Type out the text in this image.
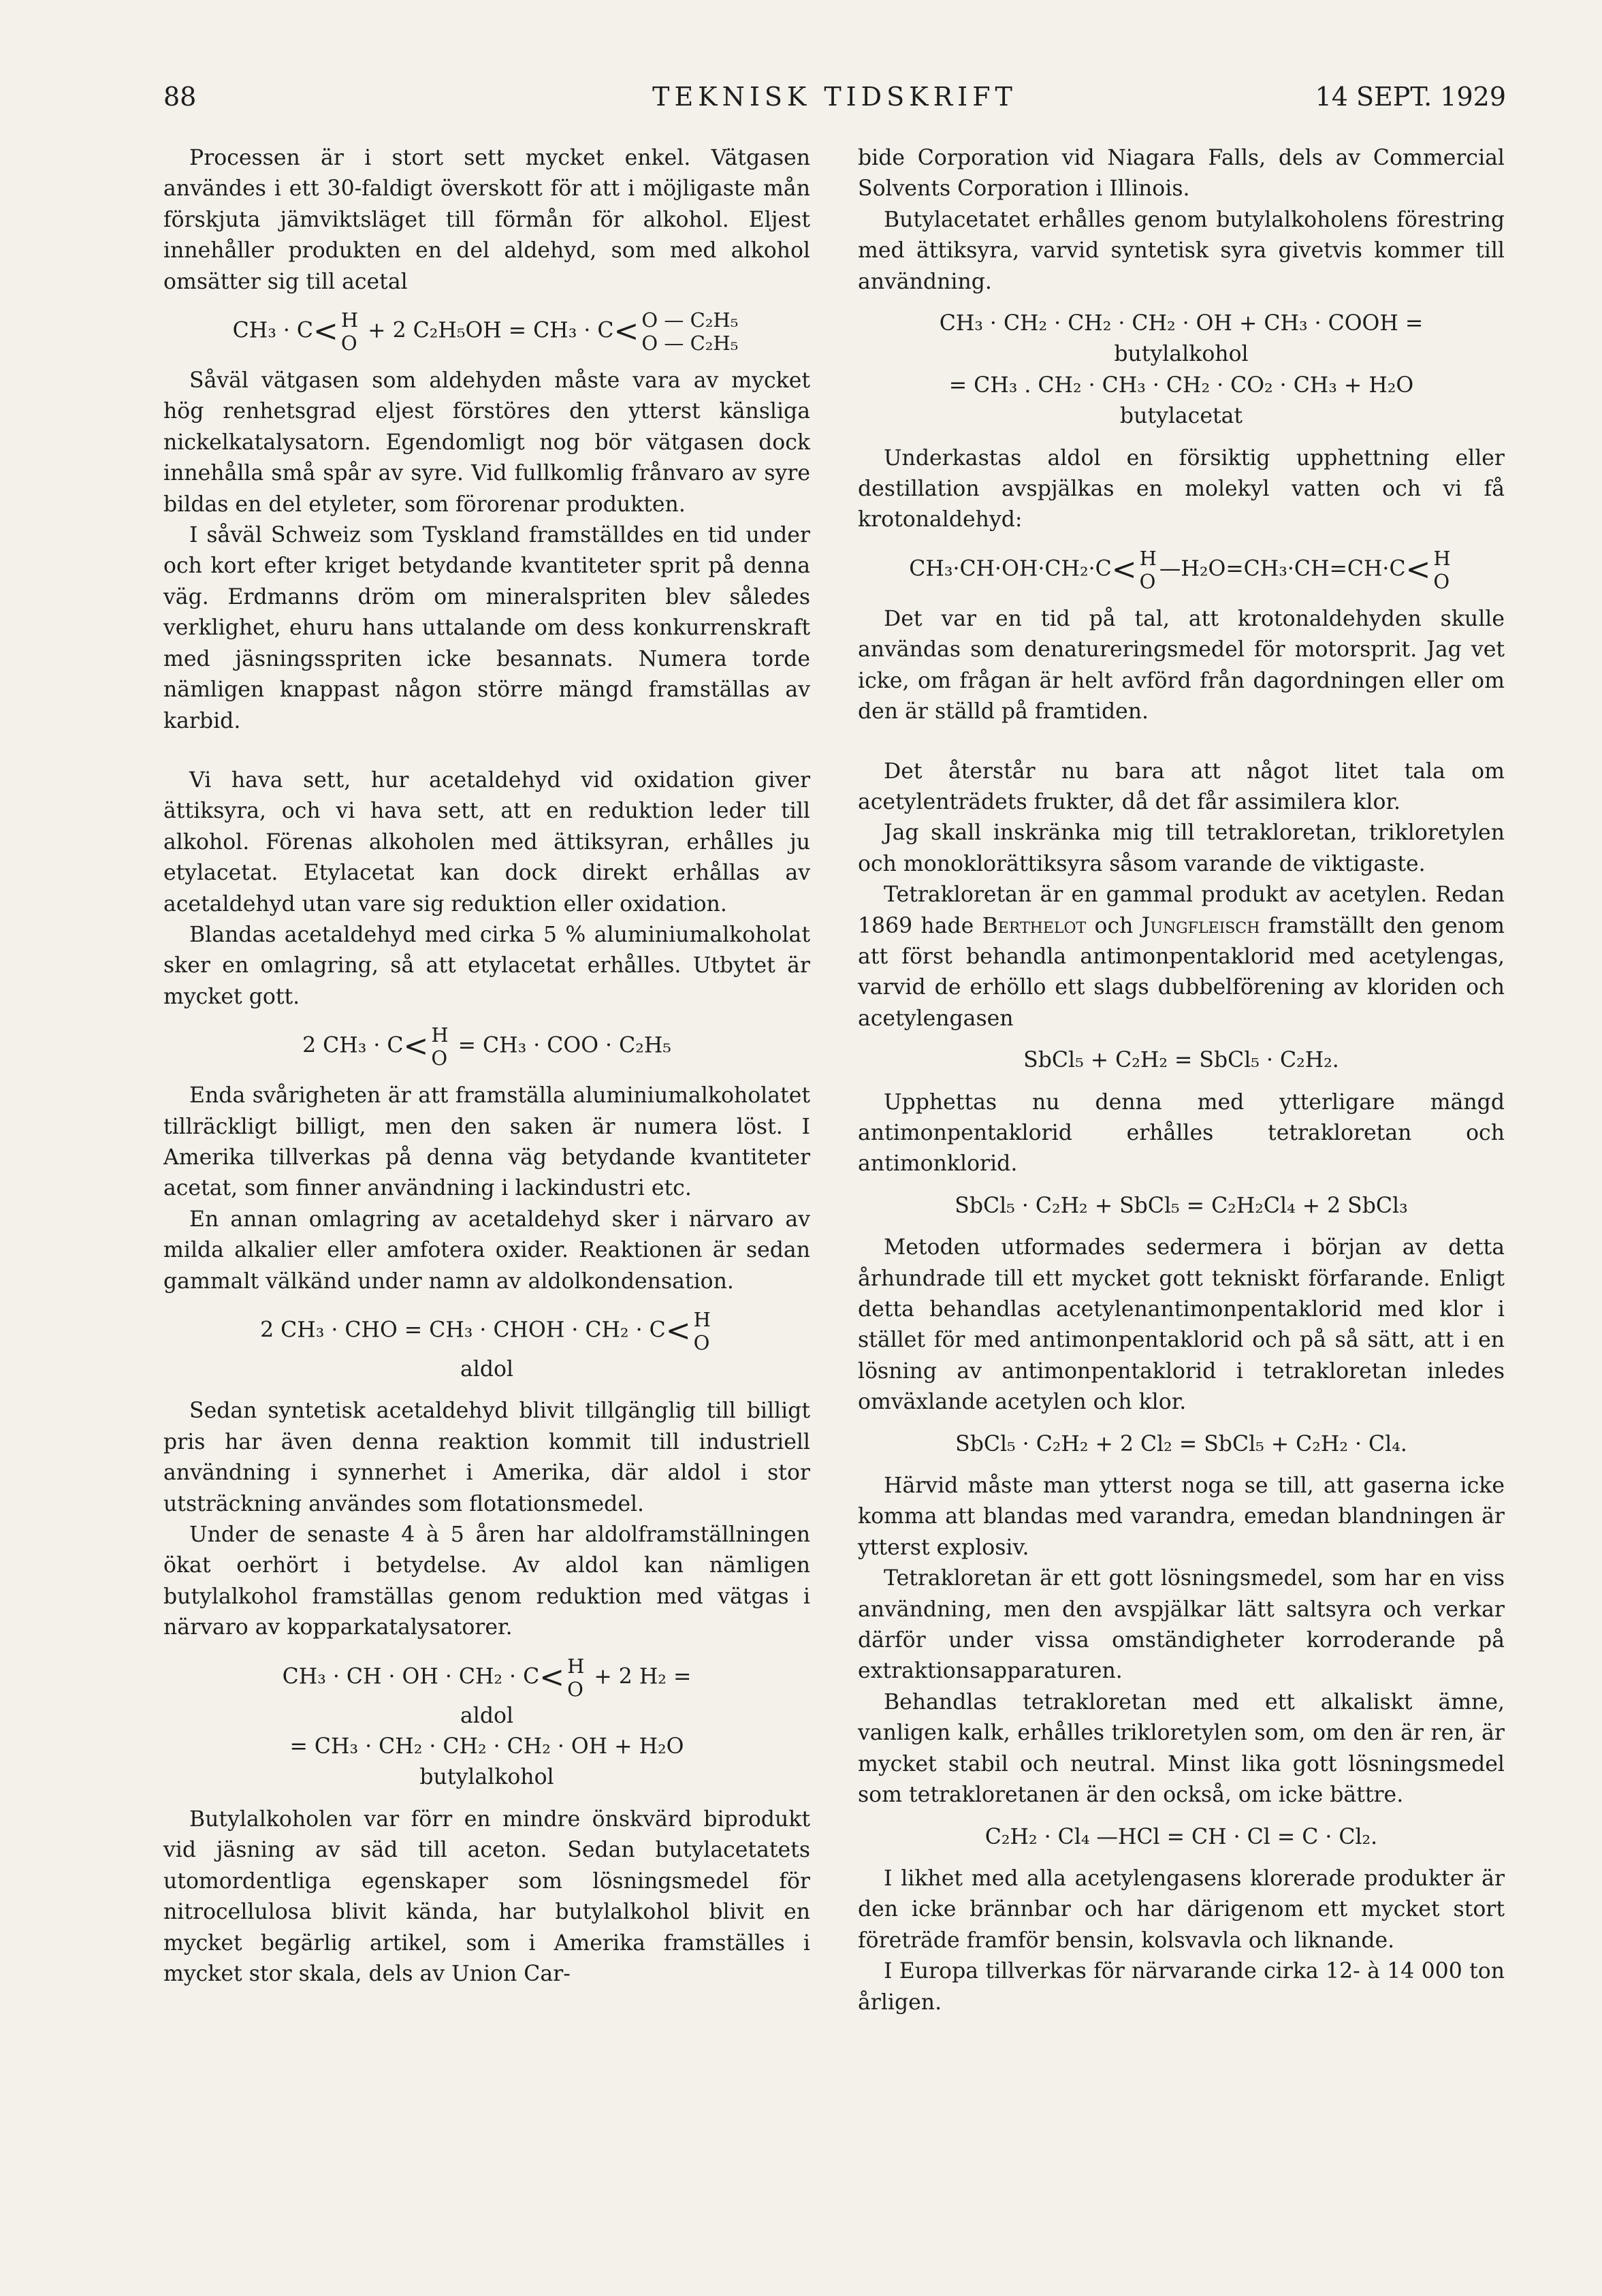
TEKNISK TIDSKRIFT
88	14 SEPT. 1929

Processen är i stort sett mycket enkel. Vätgasen användes i ett 30-faldigt överskott för att i möjligaste mån förskjuta jämviktsläget till förmån för alkohol. Eljest innehåller produkten en del aldehyd, som med alkohol omsätter sig till acetal

CH₃ · C< H
O
+ 2 C₂H₅OH = CH₃ · C< O — C₂H₅
O — C₂H₅

Såväl vätgasen som aldehyden måste vara av mycket hög renhetsgrad eljest förstöres den ytterst känsliga nickelkatalysatorn. Egendomligt nog bör vätgasen dock innehålla små spår av syre. Vid fullkomlig frånvaro av syre bildas en del etyleter, som förorenar produkten.

I såväl Schweiz som Tyskland framställdes en tid under och kort efter kriget betydande kvantiteter sprit på denna väg. Erdmanns dröm om mineralspriten blev således verklighet, ehuru hans uttalande om dess konkurrenskraft med jäsningsspriten icke besannats. Numera torde nämligen knappast någon större mängd framställas av karbid.

Vi hava sett, hur acetaldehyd vid oxidation giver ättiksyra, och vi hava sett, att en reduktion leder till alkohol. Förenas alkoholen med ättiksyran, erhålles ju etylacetat. Etylacetat kan dock direkt erhållas av acetaldehyd utan vare sig reduktion eller oxidation.

Blandas acetaldehyd med cirka 5 % aluminiumalkoholat sker en omlagring, så att etylacetat erhålles. Utbytet är mycket gott.

2 CH₃ · C< H
O
= CH₃ · COO · C₂H₅

Enda svårigheten är att framställa aluminiumalkoholatet tillräckligt billigt, men den saken är numera löst. I Amerika tillverkas på denna väg betydande kvantiteter acetat, som finner användning i lackindustri etc.

En annan omlagring av acetaldehyd sker i närvaro av milda alkalier eller amfotera oxider. Reaktionen är sedan gammalt välkänd under namn av aldolkondensation.

2 CH₃ · CHO = CH₃ · CHOH · CH₂ · C< H
O
aldol

Sedan syntetisk acetaldehyd blivit tillgänglig till billigt pris har även denna reaktion kommit till industriell användning i synnerhet i Amerika, där aldol i stor utsträckning användes som flotationsmedel.

Under de senaste 4 à 5 åren har aldolframställningen ökat oerhört i betydelse. Av aldol kan nämligen butylalkohol framställas genom reduktion med vätgas i närvaro av kopparkatalysatorer.

CH₃ · CH · OH · CH₂ · C< H
O
+ 2 H₂ =
aldol
= CH₃ · CH₂ · CH₂ · CH₂ · OH + H₂O
butylalkohol

Butylalkoholen var förr en mindre önskvärd biprodukt vid jäsning av säd till aceton. Sedan butylacetatets utomordentliga egenskaper som lösningsmedel för nitrocellulosa blivit kända, har butylalkohol blivit en mycket begärlig artikel, som i Amerika framställes i mycket stor skala, dels av Union Car-

bide Corporation vid Niagara Falls, dels av Commercial Solvents Corporation i Illinois.

Butylacetatet erhålles genom butylalkoholens förestring med ättiksyra, varvid syntetisk syra givetvis kommer till användning.

CH₃ · CH₂ · CH₂ · CH₂ · OH + CH₃ · COOH =
butylalkohol
= CH₃ . CH₂ · CH₃ · CH₂ · CO₂ · CH₃ + H₂O
butylacetat

Underkastas aldol en försiktig upphettning eller destillation avspjälkas en molekyl vatten och vi få krotonaldehyd:

CH₃·CH·OH·CH₂·C< H
O
—H₂O=CH₃·CH=CH·C< H
O

Det var en tid på tal, att krotonaldehyden skulle användas som denatureringsmedel för motorsprit. Jag vet icke, om frågan är helt avförd från dagordningen eller om den är ställd på framtiden.

Det återstår nu bara att något litet tala om acetylenträdets frukter, då det får assimilera klor.

Jag skall inskränka mig till tetrakloretan, trikloretylen och monoklorättiksyra såsom varande de viktigaste.

Tetrakloretan är en gammal produkt av acetylen. Redan 1869 hade Berthelot och Jungfleisch framställt den genom att först behandla antimonpentaklorid med acetylengas, varvid de erhöllo ett slags dubbelförening av kloriden och acetylengasen

SbCl₅ + C₂H₂ = SbCl₅ · C₂H₂.

Upphettas nu denna med ytterligare mängd antimonpentaklorid erhålles tetrakloretan och antimonklorid.

SbCl₅ · C₂H₂ + SbCl₅ = C₂H₂Cl₄ + 2 SbCl₃

Metoden utformades sedermera i början av detta århundrade till ett mycket gott tekniskt förfarande. Enligt detta behandlas acetylenantimonpentaklorid med klor i stället för med antimonpentaklorid och på så sätt, att i en lösning av antimonpentaklorid i tetrakloretan inledes omväxlande acetylen och klor.

SbCl₅ · C₂H₂ + 2 Cl₂ = SbCl₅ + C₂H₂ · Cl₄.

Härvid måste man ytterst noga se till, att gaserna icke komma att blandas med varandra, emedan blandningen är ytterst explosiv.

Tetrakloretan är ett gott lösningsmedel, som har en viss användning, men den avspjälkar lätt saltsyra och verkar därför under vissa omständigheter korroderande på extraktionsapparaturen.

Behandlas tetrakloretan med ett alkaliskt ämne, vanligen kalk, erhålles trikloretylen som, om den är ren, är mycket stabil och neutral. Minst lika gott lösningsmedel som tetrakloretanen är den också, om icke bättre.

C₂H₂ · Cl₄ —HCl = CH · Cl = C · Cl₂.

I likhet med alla acetylengasens klorerade produkter är den icke brännbar och har därigenom ett mycket stort företräde framför bensin, kolsvavla och liknande.

I Europa tillverkas för närvarande cirka 12- à 14 000 ton årligen.
